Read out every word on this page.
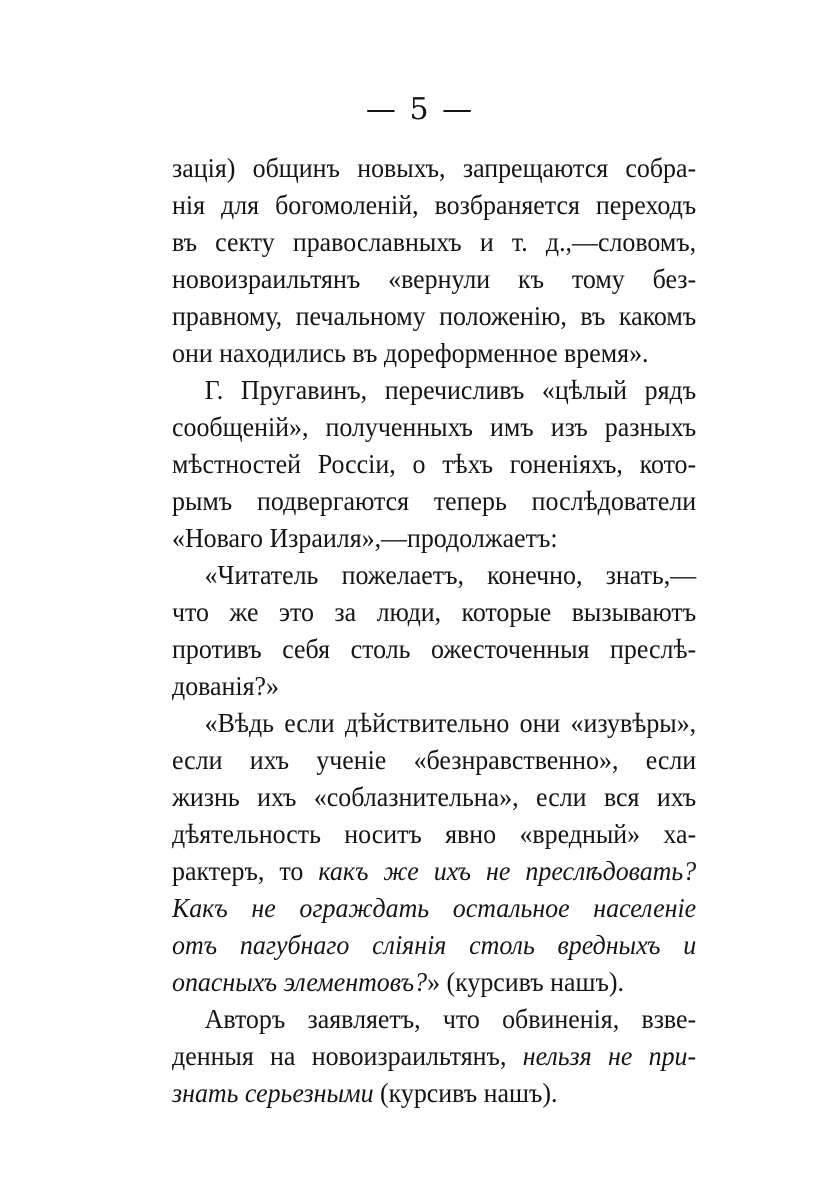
— 5 —
зація) общинъ новыхъ, запрещаются собра-
нія для богомоленій, возбраняется переходъ
въ секту православныхъ и т. д.,—словомъ,
новоизраильтянъ «вернули къ тому без-
правному, печальному положенію, въ какомъ
они находились въ дореформенное время».
Г. Пругавинъ, перечисливъ «цѣлый рядъ
сообщеній», полученныхъ имъ изъ разныхъ
мѣстностей Россіи, о тѣхъ гоненіяхъ, кото-
рымъ подвергаются теперь послѣдователи
«Новаго Израиля»,—продолжаетъ:
«Читатель пожелаетъ, конечно, знать,—
что же это за люди, которые вызываютъ
противъ себя столь ожесточенныя преслѣ-
дованія?»
«Вѣдь если дѣйствительно они «изувѣры»,
если ихъ ученіе «безнравственно», если
жизнь ихъ «соблазнительна», если вся ихъ
дѣятельность носитъ явно «вредный» ха-
рактеръ, то какъ же ихъ не преслѣдовать?
Какъ не ограждать остальное населеніе
отъ пагубнаго сліянія столь вредныхъ и
опасныхъ элементовъ?» (курсивъ нашъ).
Авторъ заявляетъ, что обвиненія, взве-
денныя на новоизраильтянъ, нельзя не при-
знать серьезными (курсивъ нашъ).
